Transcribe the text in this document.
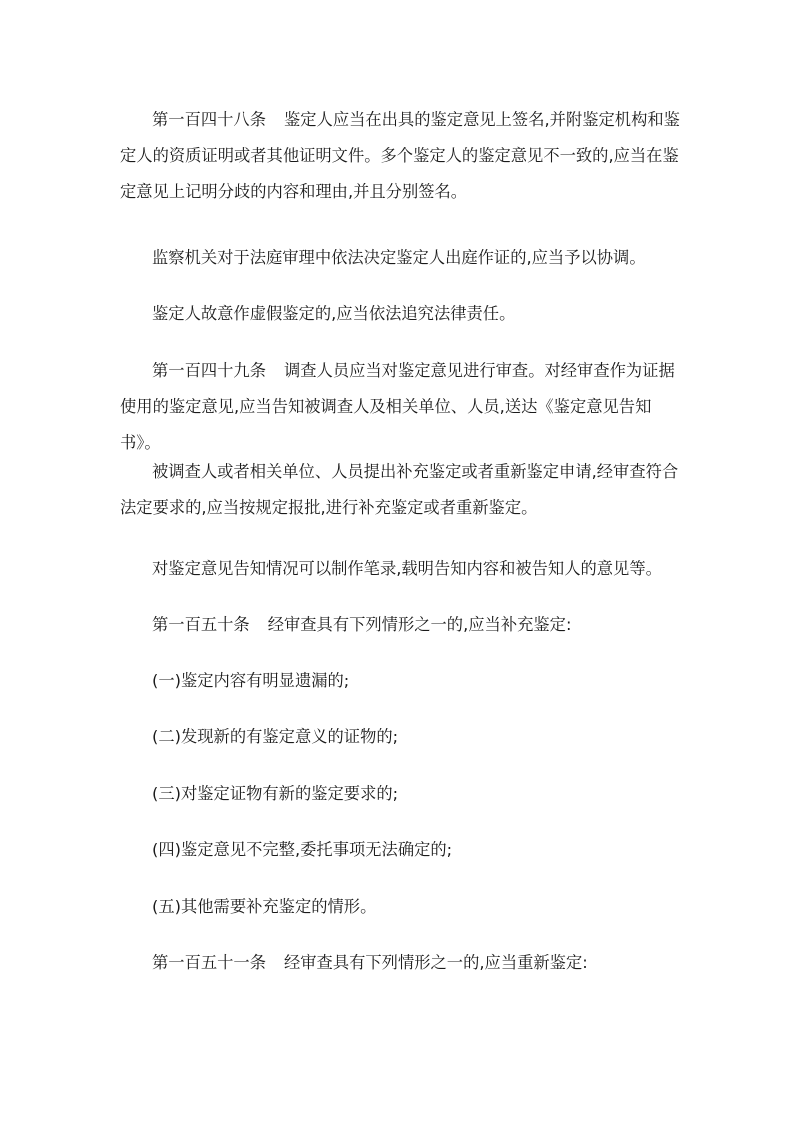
第一百四十八条 鉴定人应当在出具的鉴定意见上签名,并附鉴定机构和鉴定人的资质证明或者其他证明文件。多个鉴定人的鉴定意见不一致的,应当在鉴定意见上记明分歧的内容和理由,并且分别签名。

监察机关对于法庭审理中依法决定鉴定人出庭作证的,应当予以协调。

鉴定人故意作虚假鉴定的,应当依法追究法律责任。

第一百四十九条 调查人员应当对鉴定意见进行审查。对经审查作为证据使用的鉴定意见,应当告知被调查人及相关单位、人员,送达《鉴定意见告知书》。

被调查人或者相关单位、人员提出补充鉴定或者重新鉴定申请,经审查符合法定要求的,应当按规定报批,进行补充鉴定或者重新鉴定。

对鉴定意见告知情况可以制作笔录,载明告知内容和被告知人的意见等。

第一百五十条 经审查具有下列情形之一的,应当补充鉴定:

(一)鉴定内容有明显遗漏的;

(二)发现新的有鉴定意义的证物的;

(三)对鉴定证物有新的鉴定要求的;

(四)鉴定意见不完整,委托事项无法确定的;

(五)其他需要补充鉴定的情形。

第一百五十一条 经审查具有下列情形之一的,应当重新鉴定:
